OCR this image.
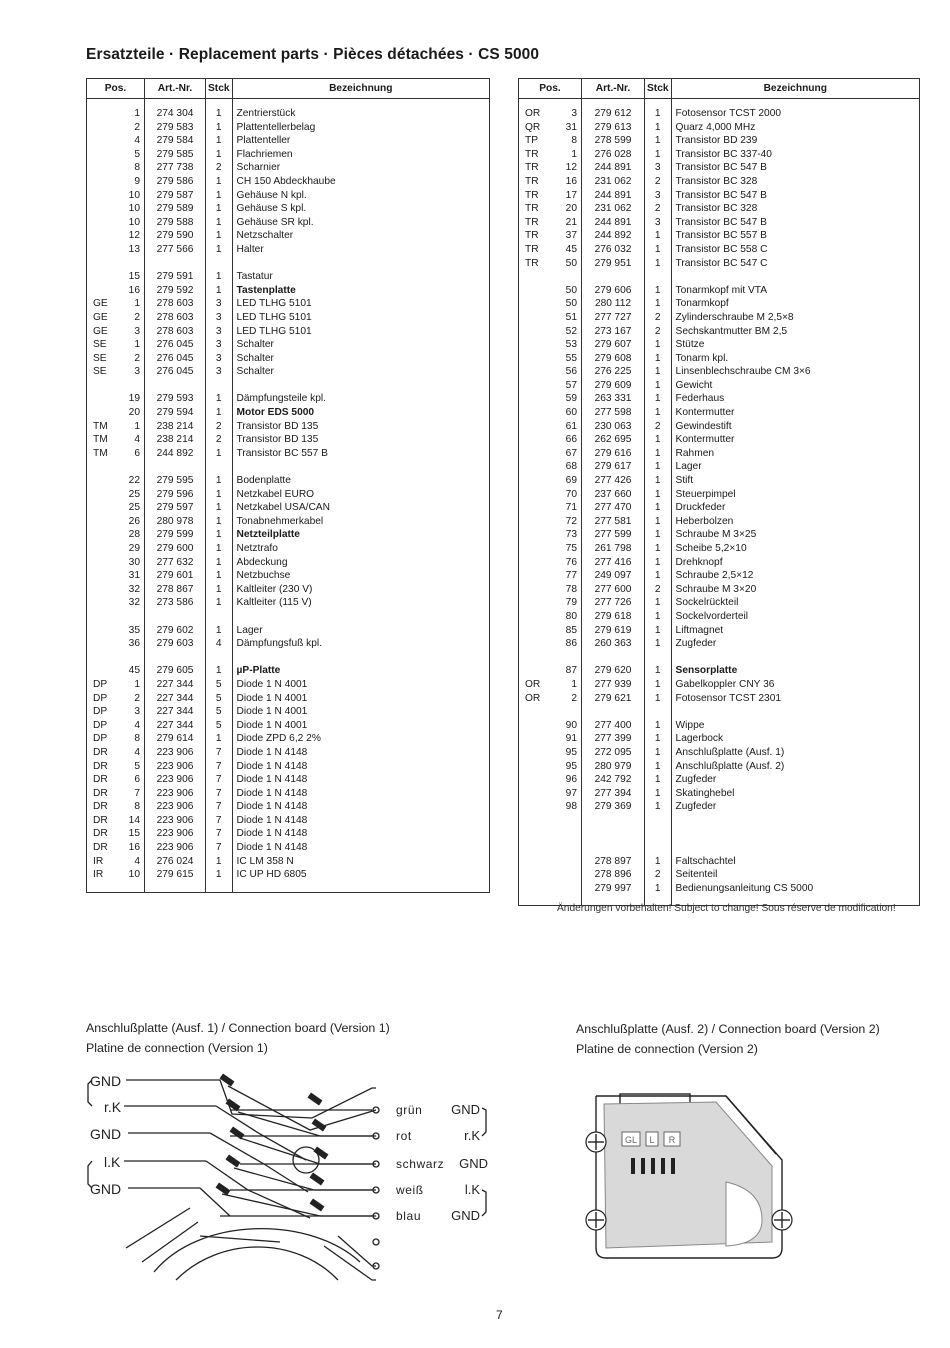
Ersatzteile · Replacement parts · Pièces détachées · CS 5000
Pos.	Art.-Nr.	Stck	Bezeichnung
1	274 304	1	Zentrierstück
2	279 583	1	Plattentellerbelag
4	279 584	1	Plattenteller
5	279 585	1	Flachriemen
8	277 738	2	Scharnier
9	279 586	1	CH 150 Abdeckhaube
10	279 587	1	Gehäuse N kpl.
10	279 589	1	Gehäuse S kpl.
10	279 588	1	Gehäuse SR kpl.
12	279 590	1	Netzschalter
13	277 566	1	Halter

15	279 591	1	Tastatur
16	279 592	1	Tastenplatte

GE 1	278 603	3	LED TLHG 5101

GE 2	278 603	3	LED TLHG 5101

GE 3	278 603	3	LED TLHG 5101

SE 1	276 045	3	Schalter

SE 2	276 045	3	Schalter

SE 3	276 045	3	Schalter

19	279 593	1	Dämpfungsteile kpl.
20	279 594	1	Motor EDS 5000

TM 1	238 214	2	Transistor BD 135

TM 4	238 214	2	Transistor BD 135

TM 6	244 892	1	Transistor BC 557 B

22	279 595	1	Bodenplatte
25	279 596	1	Netzkabel EURO
25	279 597	1	Netzkabel USA/CAN
26	280 978	1	Tonabnehmerkabel
28	279 599	1	Netzteilplatte
29	279 600	1	Netztrafo
30	277 632	1	Abdeckung
31	279 601	1	Netzbuchse
32	278 867	1	Kaltleiter (230 V)
32	273 586	1	Kaltleiter (115 V)

35	279 602	1	Lager
36	279 603	4	Dämpfungsfuß kpl.

45	279 605	1	µP-Platte

DP 1	227 344	5	Diode 1 N 4001

DP 2	227 344	5	Diode 1 N 4001

DP 3	227 344	5	Diode 1 N 4001

DP 4	227 344	5	Diode 1 N 4001

DP 8	279 614	1	Diode ZPD 6,2 2%

DR 4	223 906	7	Diode 1 N 4148

DR 5	223 906	7	Diode 1 N 4148

DR 6	223 906	7	Diode 1 N 4148

DR 7	223 906	7	Diode 1 N 4148

DR 8	223 906	7	Diode 1 N 4148

DR 14	223 906	7	Diode 1 N 4148

DR 15	223 906	7	Diode 1 N 4148

DR 16	223 906	7	Diode 1 N 4148

IR 4	276 024	1	IC LM 358 N

IR 10	279 615	1	IC UP HD 6805
Pos.	Art.-Nr.	Stck	Bezeichnung

OR 3	279 612	1	Fotosensor TCST 2000

QR 31	279 613	1	Quarz 4,000 MHz

TP 8	278 599	1	Transistor BD 239

TR 1	276 028	1	Transistor BC 337-40

TR 12	244 891	3	Transistor BC 547 B

TR 16	231 062	2	Transistor BC 328

TR 17	244 891	3	Transistor BC 547 B

TR 20	231 062	2	Transistor BC 328

TR 21	244 891	3	Transistor BC 547 B

TR 37	244 892	1	Transistor BC 557 B

TR 45	276 032	1	Transistor BC 558 C

TR 50	279 951	1	Transistor BC 547 C

50	279 606	1	Tonarmkopf mit VTA
50	280 112	1	Tonarmkopf
51	277 727	2	Zylinderschraube M 2,5×8
52	273 167	2	Sechskantmutter BM 2,5
53	279 607	1	Stütze
55	279 608	1	Tonarm kpl.
56	276 225	1	Linsenblechschraube CM 3×6
57	279 609	1	Gewicht
59	263 331	1	Federhaus
60	277 598	1	Kontermutter
61	230 063	2	Gewindestift
66	262 695	1	Kontermutter
67	279 616	1	Rahmen
68	279 617	1	Lager
69	277 426	1	Stift
70	237 660	1	Steuerpimpel
71	277 470	1	Druckfeder
72	277 581	1	Heberbolzen
73	277 599	1	Schraube M 3×25
75	261 798	1	Scheibe 5,2×10
76	277 416	1	Drehknopf
77	249 097	1	Schraube 2,5×12
78	277 600	2	Schraube M 3×20
79	277 726	1	Sockelrückteil
80	279 618	1	Sockelvorderteil
85	279 619	1	Liftmagnet
86	260 363	1	Zugfeder

87	279 620	1	Sensorplatte

OR 1	277 939	1	Gabelkoppler CNY 36

OR 2	279 621	1	Fotosensor TCST 2301

90	277 400	1	Wippe
91	277 399	1	Lagerbock
95	272 095	1	Anschlußplatte (Ausf. 1)
95	280 979	1	Anschlußplatte (Ausf. 2)
96	242 792	1	Zugfeder
97	277 394	1	Skatinghebel
98	279 369	1	Zugfeder

	278 897	1	Faltschachtel
	278 896	2	Seitenteil
	279 997	1	Bedienungsanleitung CS 5000
Änderungen vorbehalten! Subject to change! Sous réserve de modification!
Anschlußplatte (Ausf. 1) / Connection board (Version 1)
Platine de connection (Version 1)
Anschlußplatte (Ausf. 2) / Connection board (Version 2)
Platine de connection (Version 2)
GND
r.K
GND
l.K
GND
grün
rot
schwarz
weiß
blau
GND
r.K
GND
l.K
GND
GL L R
7
